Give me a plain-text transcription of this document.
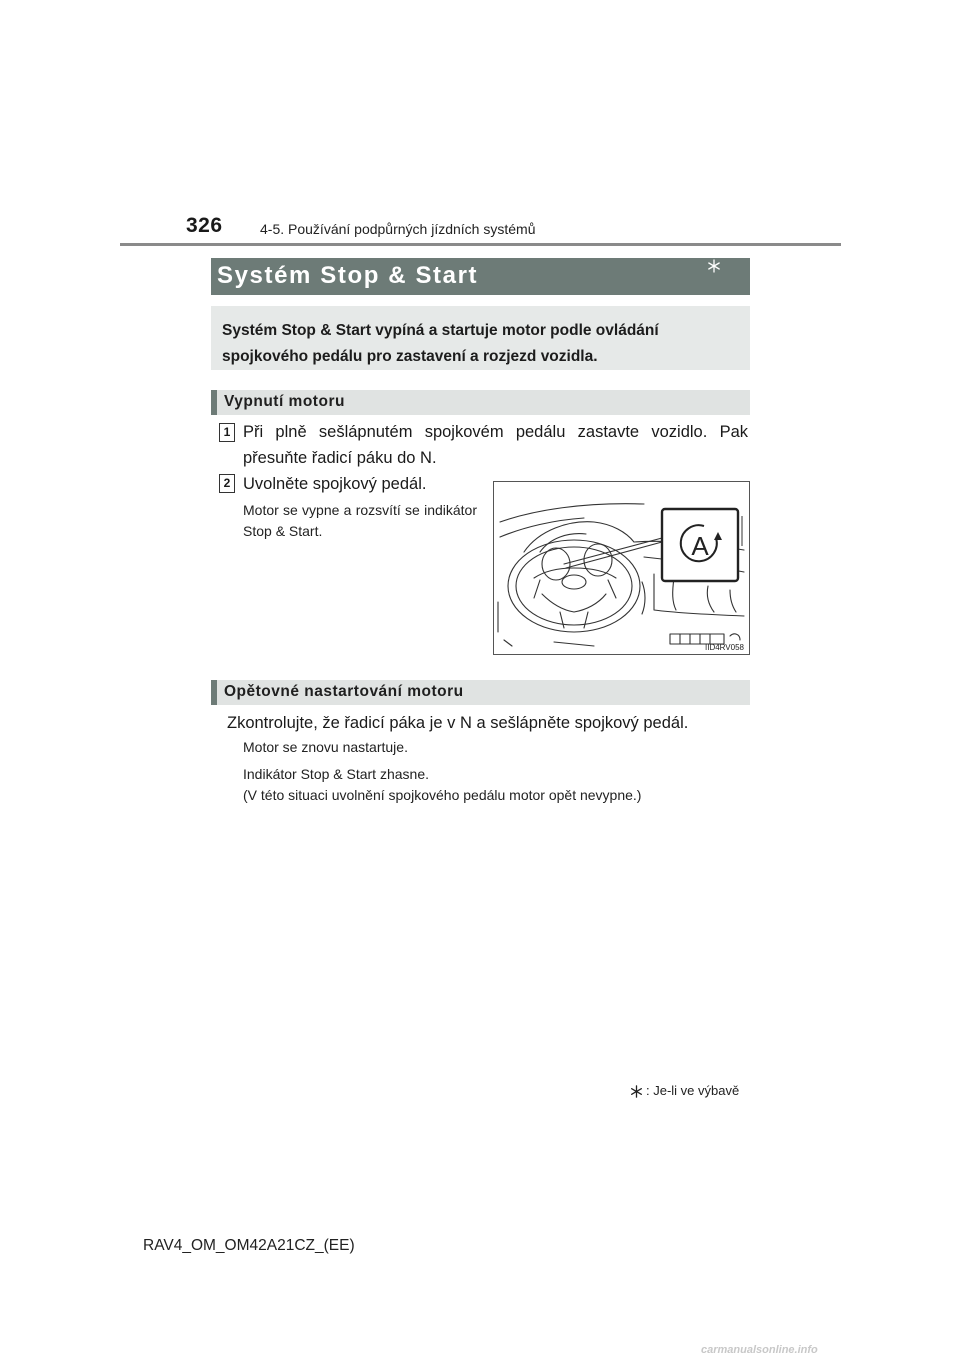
326	4-5. Používání podpůrných jízdních systémů
Systém Stop & Start
Systém Stop & Start vypíná a startuje motor podle ovládání spojkového pedálu pro zastavení a rozjezd vozidla.
Vypnutí motoru
1 Při plně sešlápnutém spojkovém pedálu zastavte vozidlo. Pak přesuňte řadicí páku do N.
2 Uvolněte spojkový pedál.
Motor se vypne a rozsvítí se indikátor Stop & Start.	A
IID4RV058
Opětovné nastartování motoru
Zkontrolujte, že řadicí páka je v N a sešlápněte spojkový pedál.
Motor se znovu nastartuje.
Indikátor Stop & Start zhasne.
(V této situaci uvolnění spojkového pedálu motor opět nevypne.)
: Je-li ve výbavě
RAV4_OM_OM42A21CZ_(EE)
carmanualsonline.info
